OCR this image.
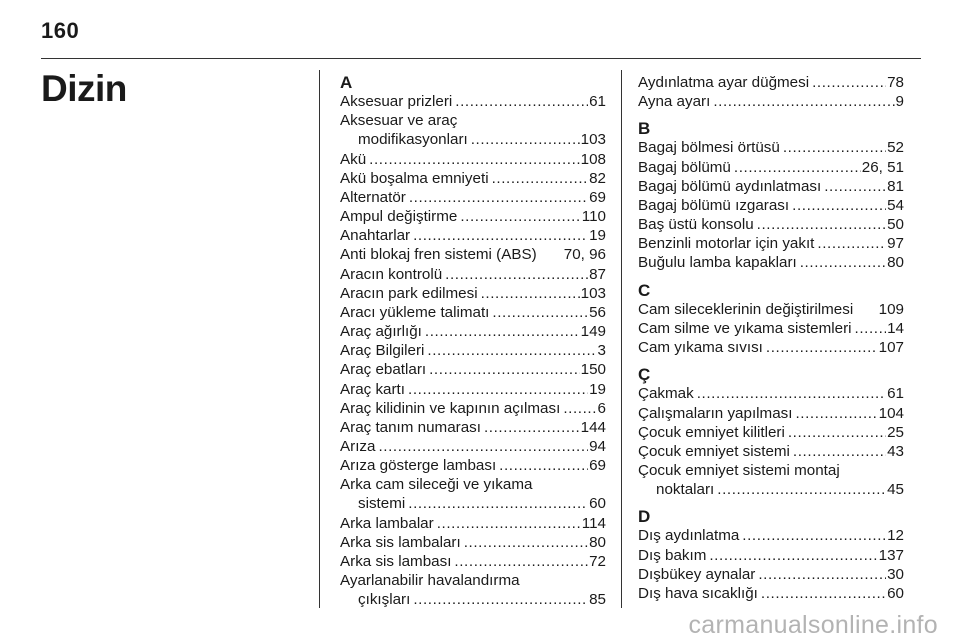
160
Dizin	A
Aksesuar prizleri .....	61
Aksesuar ve araç
modifikasyonları .....	103
Akü .....	108
Akü boşalma emniyeti .....	82
Alternatör .....	69
Ampul değiştirme .....	110
Anahtarlar .....	19
Anti blokaj fren sistemi (ABS) 70, 96
Aracın kontrolü .....	87
Aracın park edilmesi .....	103
Aracı yükleme talimatı .....	56
Araç ağırlığı .....	149
Araç Bilgileri .....	3
Araç ebatları .....	150
Araç kartı .....	19
Araç kilidinin ve kapının açılması ..... 6
Araç tanım numarası .....	144
Arıza .....	94
Arıza gösterge lambası .....	69
Arka cam sileceği ve yıkama
sistemi .....	60
Arka lambalar .....	114
Arka sis lambaları .....	80
Arka sis lambası .....	72
Ayarlanabilir havalandırma
çıkışları .....	85
Aydınlatma ayar düğmesi .....	78
Ayna ayarı .....	9
B
Bagaj bölmesi örtüsü .....	52
Bagaj bölümü .....	26, 51
Bagaj bölümü aydınlatması .....	81
Bagaj bölümü ızgarası .....	54
Baş üstü konsolu .....	50
Benzinli motorlar için yakıt .....	97
Buğulu lamba kapakları .....	80
C
Cam sileceklerinin değiştirilmesi 109
Cam silme ve yıkama sistemleri ..... 14
Cam yıkama sıvısı .....	107
Ç
Çakmak .....	61
Çalışmaların yapılması .....	104
Çocuk emniyet kilitleri .....	25
Çocuk emniyet sistemi .....	43
Çocuk emniyet sistemi montaj
noktaları .....	45
D
Dış aydınlatma .....	12
Dış bakım .....	137
Dışbükey aynalar .....	30
Dış hava sıcaklığı .....	60
carmanualsonline.info
